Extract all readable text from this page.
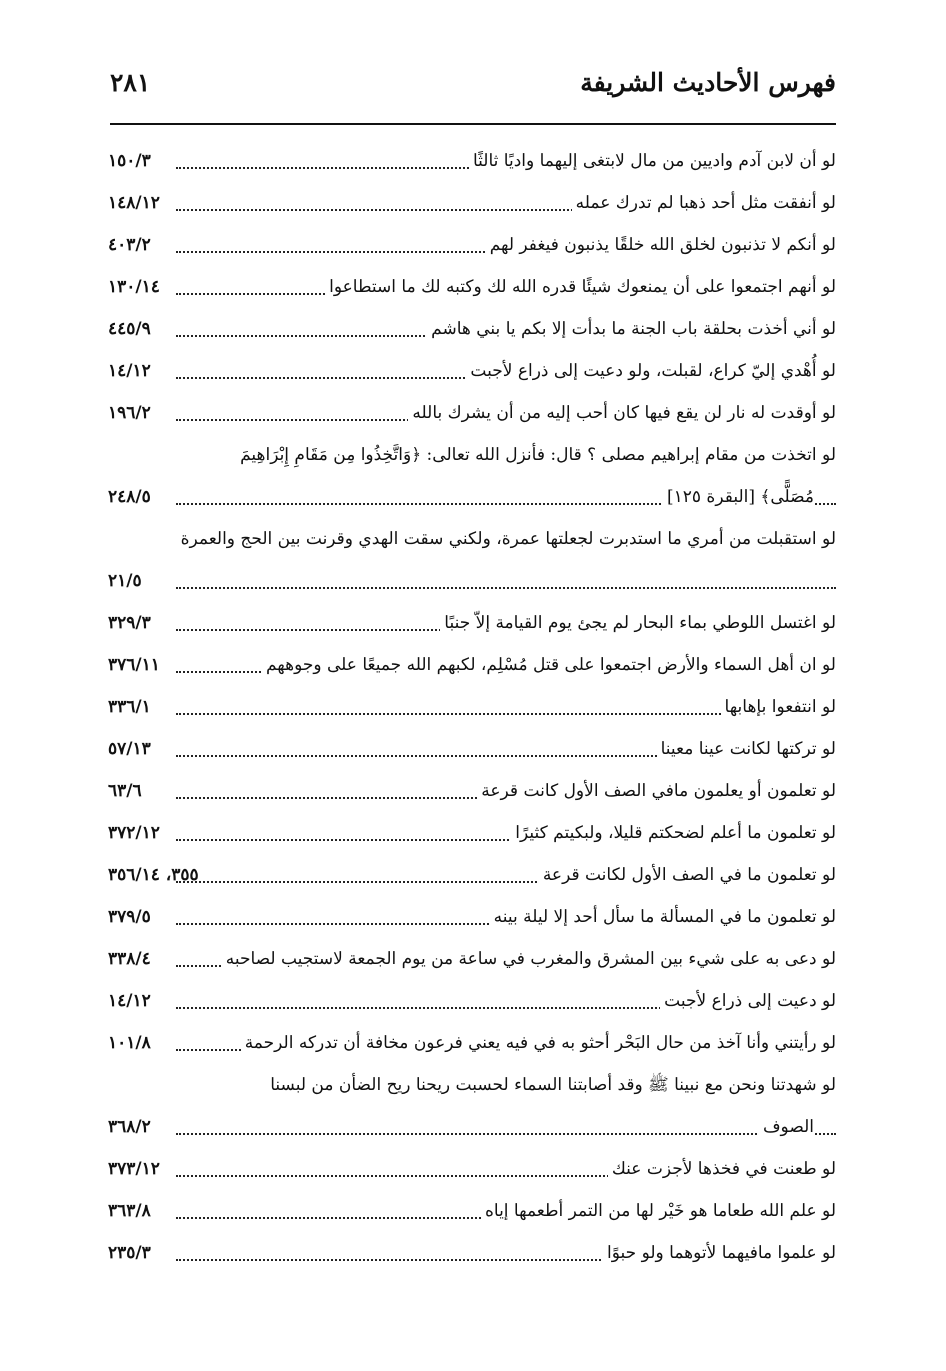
فهرس الأحاديث الشريفة
٢٨١
لو أن لابن آدم واديين من مال لابتغى إليهما واديًا ثالثًا
١٥٠/٣
لو أنفقت مثل أحد ذهبا لم تدرك عمله
١٤٨/١٢
لو أنكم لا تذنبون لخلق الله خلقًا يذنبون فيغفر لهم
٤٠٣/٢
لو أنهم اجتمعوا على أن يمنعوك شيئًا قدره الله لك وكتبه لك ما استطاعوا
١٣٠/١٤
لو أني أخذت بحلقة باب الجنة ما بدأت إلا بكم يا بني هاشم
٤٤٥/٩
لو أُهْدي إليّ كراع، لقبلت، ولو دعيت إلى ذراع لأجبت
١٤/١٢
لو أوقدت له نار لن يقع فيها كان أحب إليه من أن يشرك بالله
١٩٦/٢
لو اتخذت من مقام إبراهيم مصلى ؟ قال: فأنزل الله تعالى: ﴿وَاتَّخِذُوا مِن مَقَامِ إِبْرَاهِيمَ
مُصَلًّى﴾ [البقرة ١٢٥]
٢٤٨/٥
لو استقبلت من أمري ما استدبرت لجعلتها عمرة، ولكني سقت الهدي وقرنت بين الحج والعمرة
٢١/٥
لو اغتسل اللوطي بماء البحار لم يجئ يوم القيامة إلاّ جنبًا
٣٢٩/٣
لو ان أهل السماء والأرض اجتمعوا على قتل مُسْلِم، لكبهم الله جميعًا على وجوههم
٣٧٦/١١
لو انتفعوا بإهابها
٣٣٦/١
لو تركتها لكانت عينا معينا
٥٧/١٣
لو تعلمون أو يعلمون مافي الصف الأول كانت قرعة
٦٣/٦
لو تعلمون ما أعلم لضحكتم قليلا، ولبكيتم كثيرًا
٣٧٢/١٢
لو تعلمون ما في الصف الأول لكانت قرعة
٣٥٥، ٣٥٦/١٤
لو تعلمون ما في المسألة ما سأل أحد إلا ليلة بينه
٣٧٩/٥
لو دعى به على شيء بين المشرق والمغرب في ساعة من يوم الجمعة لاستجيب لصاحبه
٣٣٨/٤
لو دعيت إلى ذراع لأجبت
١٤/١٢
لو رأيتني وأنا آخذ من حال البَحْر أحثو به في فيه يعني فرعون مخافة أن تدركه الرحمة
١٠١/٨
لو شهدتنا ونحن مع نبينا ﷺ وقد أصابتنا السماء لحسبت ريحنا ريح الضأن من لبسنا
الصوف
٣٦٨/٢
لو طعنت في فخذها لأجزت عنك
٣٧٣/١٢
لو علم الله طعاما هو خَيْر لها من التمر أطعمها إياه
٣٦٣/٨
لو علموا مافيهما لأتوهما ولو حبوًا
٢٣٥/٣
